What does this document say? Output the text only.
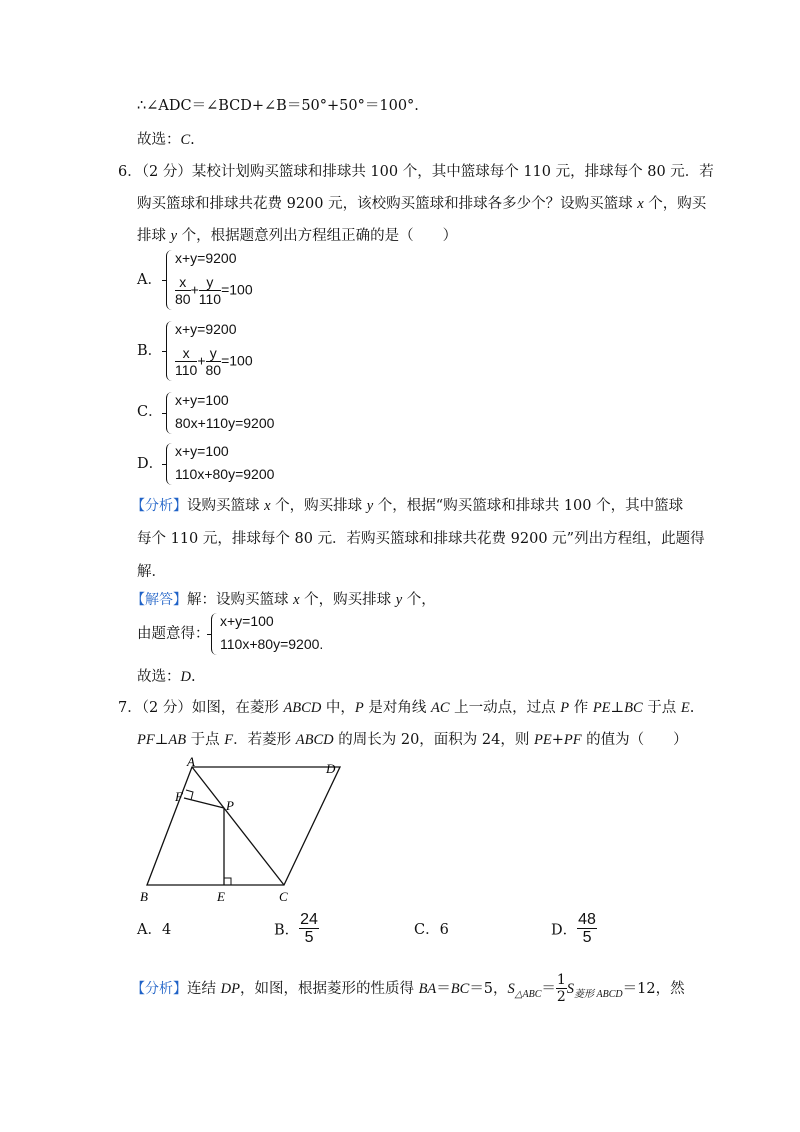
∴∠ADC＝∠BCD+∠B＝50°+50°＝100°.
故选：C.
6．（2 分）某校计划购买篮球和排球共 100 个，其中篮球每个 110 元，排球每个 80 元．若
购买篮球和排球共花费 9200 元，该校购买篮球和排球各多少个？设购买篮球 x 个，购买
排球 y 个，根据题意列出方程组正确的是（　　）
A．
x+y=9200
$\frac{x}{80} + \frac{y}{110} =100$
B．
x+y=9200
$\frac{x}{110} + \frac{y}{80} =100$
C．
x+y=100
80x+110y=9200
D．
x+y=100
110x+80y=9200
【分析】设购买篮球 x 个，购买排球 y 个，根据“购买篮球和排球共 100 个，其中篮球
每个 110 元，排球每个 80 元．若购买篮球和排球共花费 9200 元”列出方程组，此题得
解．
【解答】解：设购买篮球 x 个，购买排球 y 个，
由题意得：
x+y=100
110x+80y=9200.
故选：D.
7．（2 分）如图，在菱形 ABCD 中，P 是对角线 AC 上一动点，过点 P 作 PE⊥BC 于点 E.
PF⊥AB 于点 F．若菱形 ABCD 的周长为 20，面积为 24，则 PE+PF 的值为（　　）
A	D
F
P
B	E	C
A．4	B． $\frac{24}{5}$	C．6	D． $\frac{48}{5}$
【分析】连结 DP，如图，根据菱形的性质得 BA＝BC＝5，$S_{\triangle ABC}= \frac{1}{2} S_{菱形 ABCD}=12$，然
